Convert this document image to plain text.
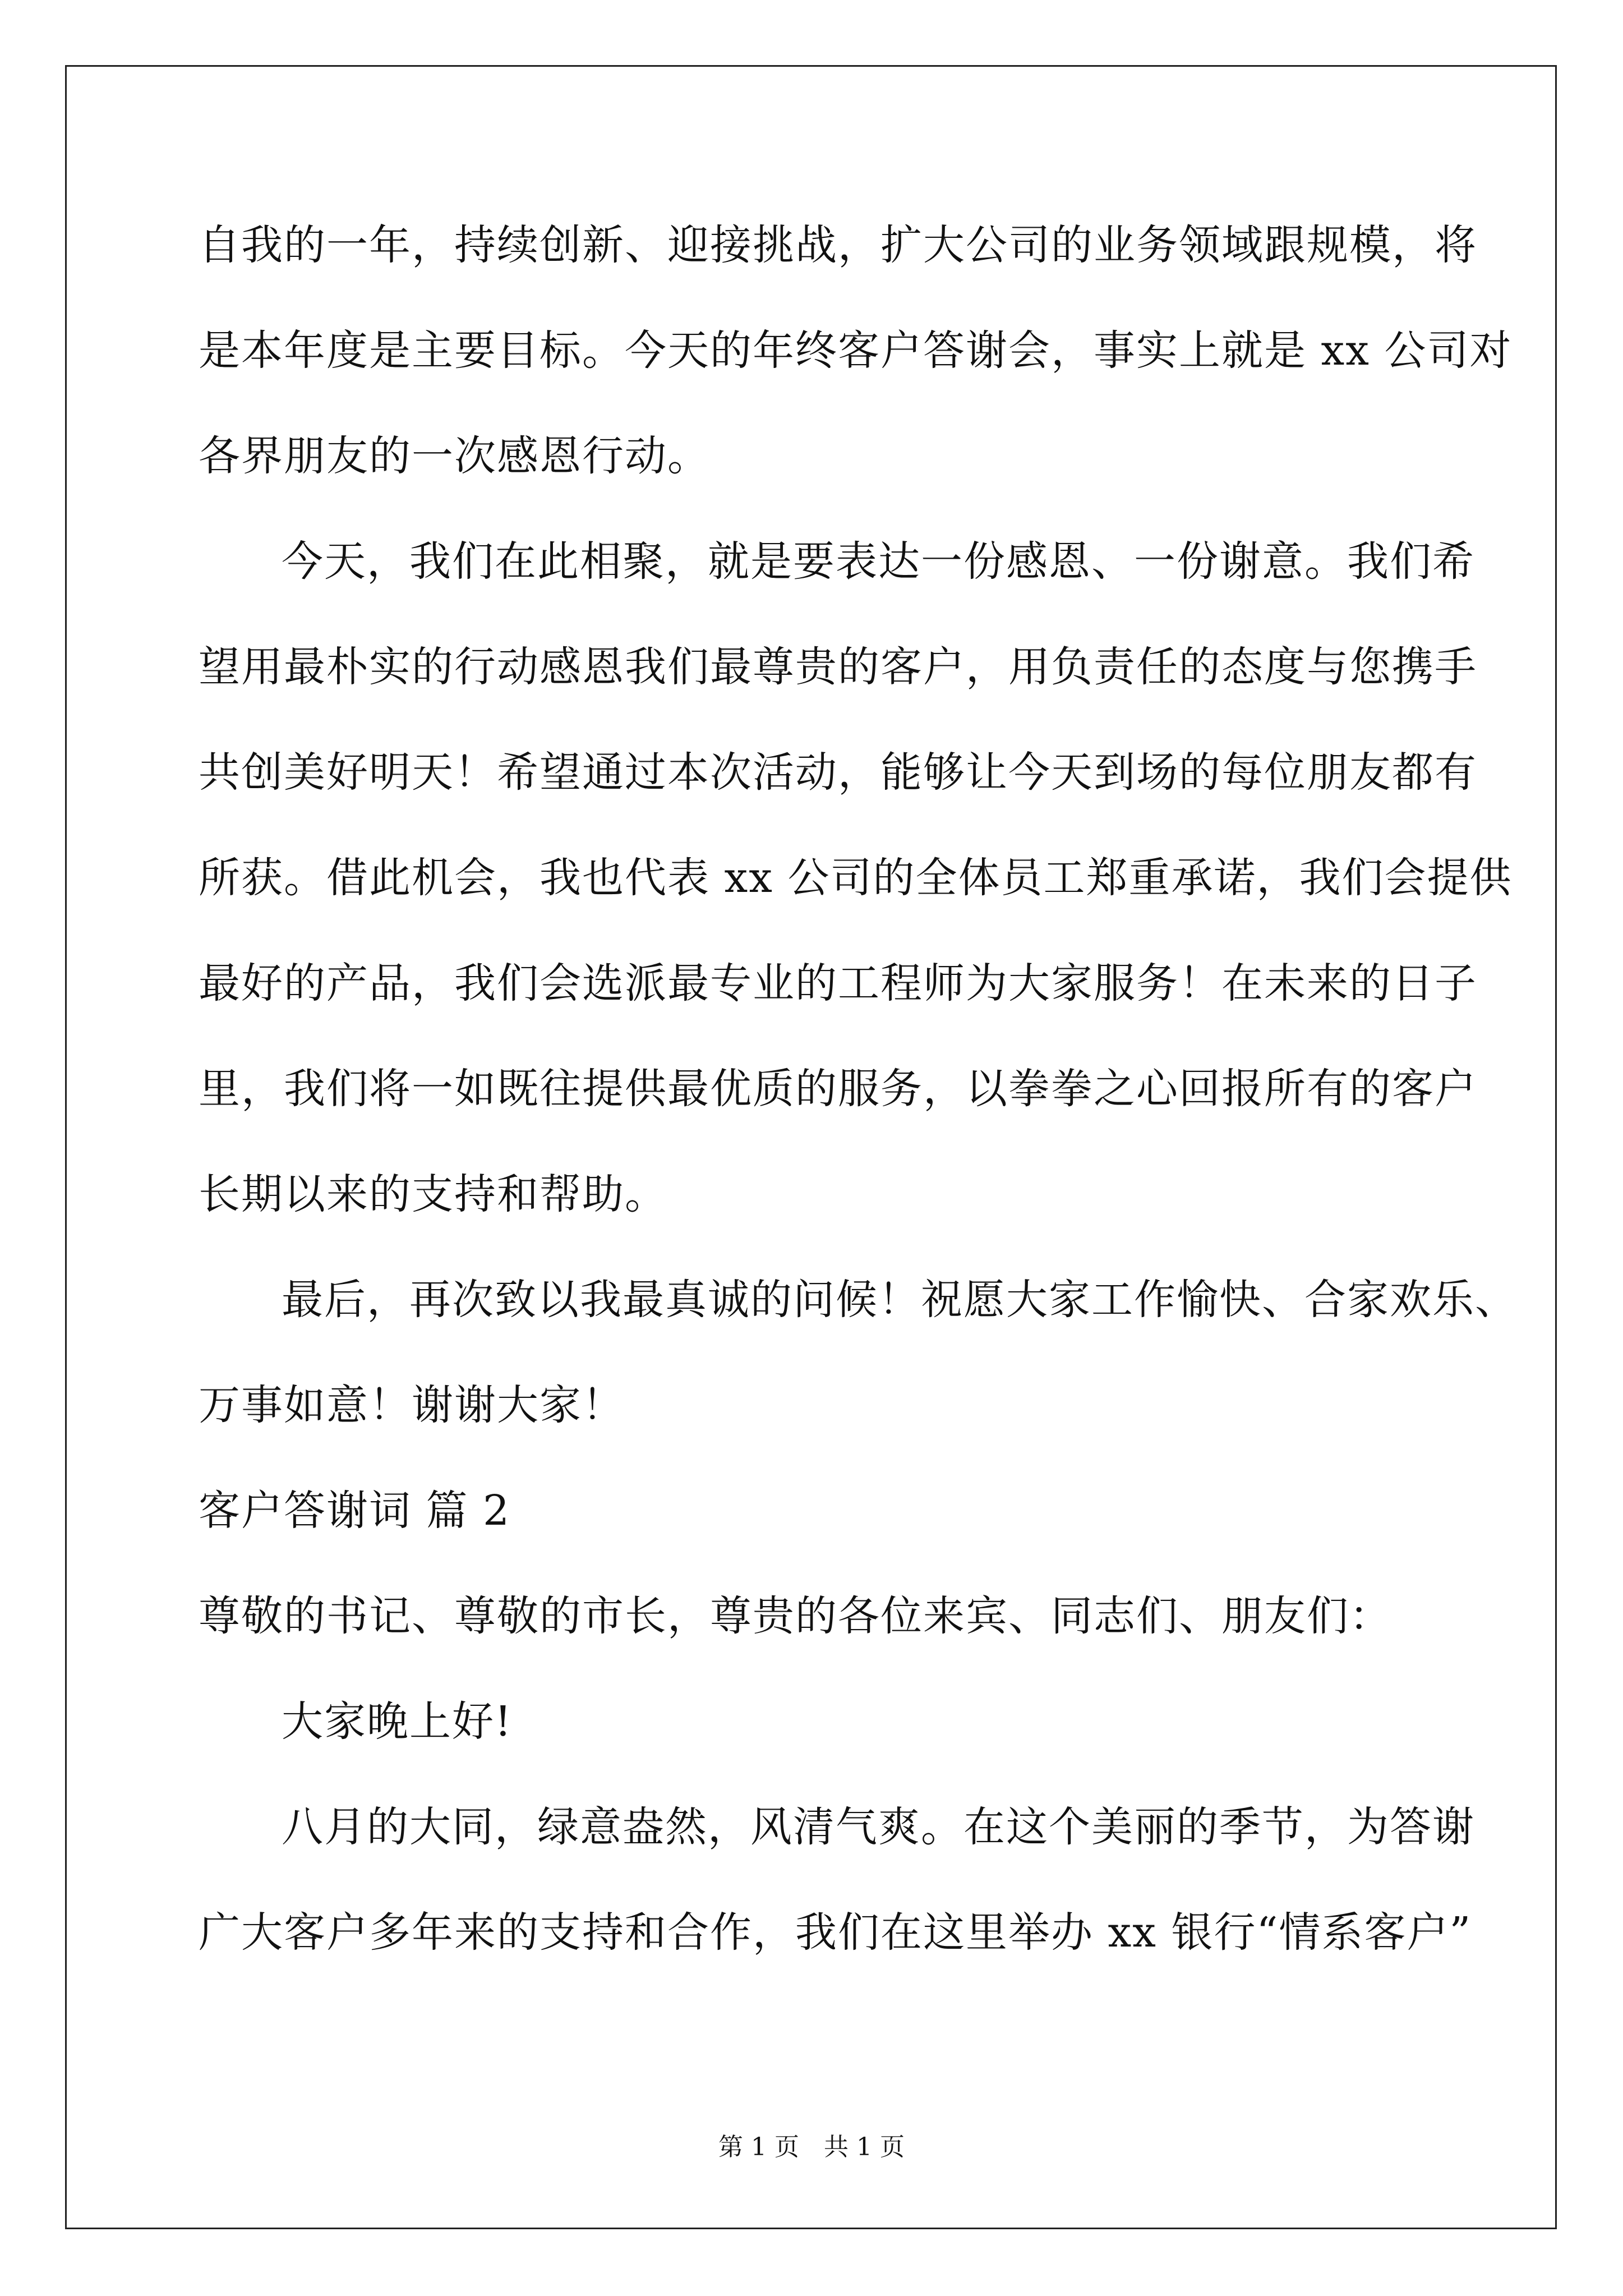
自我的一年，持续创新、迎接挑战，扩大公司的业务领域跟规模，将
是本年度是主要目标。今天的年终客户答谢会，事实上就是 xx 公司对
各界朋友的一次感恩行动。
今天，我们在此相聚，就是要表达一份感恩、一份谢意。我们希
望用最朴实的行动感恩我们最尊贵的客户，用负责任的态度与您携手
共创美好明天！希望通过本次活动，能够让今天到场的每位朋友都有
所获。借此机会，我也代表 xx 公司的全体员工郑重承诺，我们会提供
最好的产品，我们会选派最专业的工程师为大家服务！在未来的日子
里，我们将一如既往提供最优质的服务，以拳拳之心回报所有的客户
长期以来的支持和帮助。
最后，再次致以我最真诚的问候！祝愿大家工作愉快、合家欢乐、
万事如意！谢谢大家！
客户答谢词 篇 2
尊敬的书记、尊敬的市长，尊贵的各位来宾、同志们、朋友们：
大家晚上好!
八月的大同，绿意盎然，风清气爽。在这个美丽的季节，为答谢
广大客户多年来的支持和合作，我们在这里举办 xx 银行“情系客户”
第 1 页　共 1 页
